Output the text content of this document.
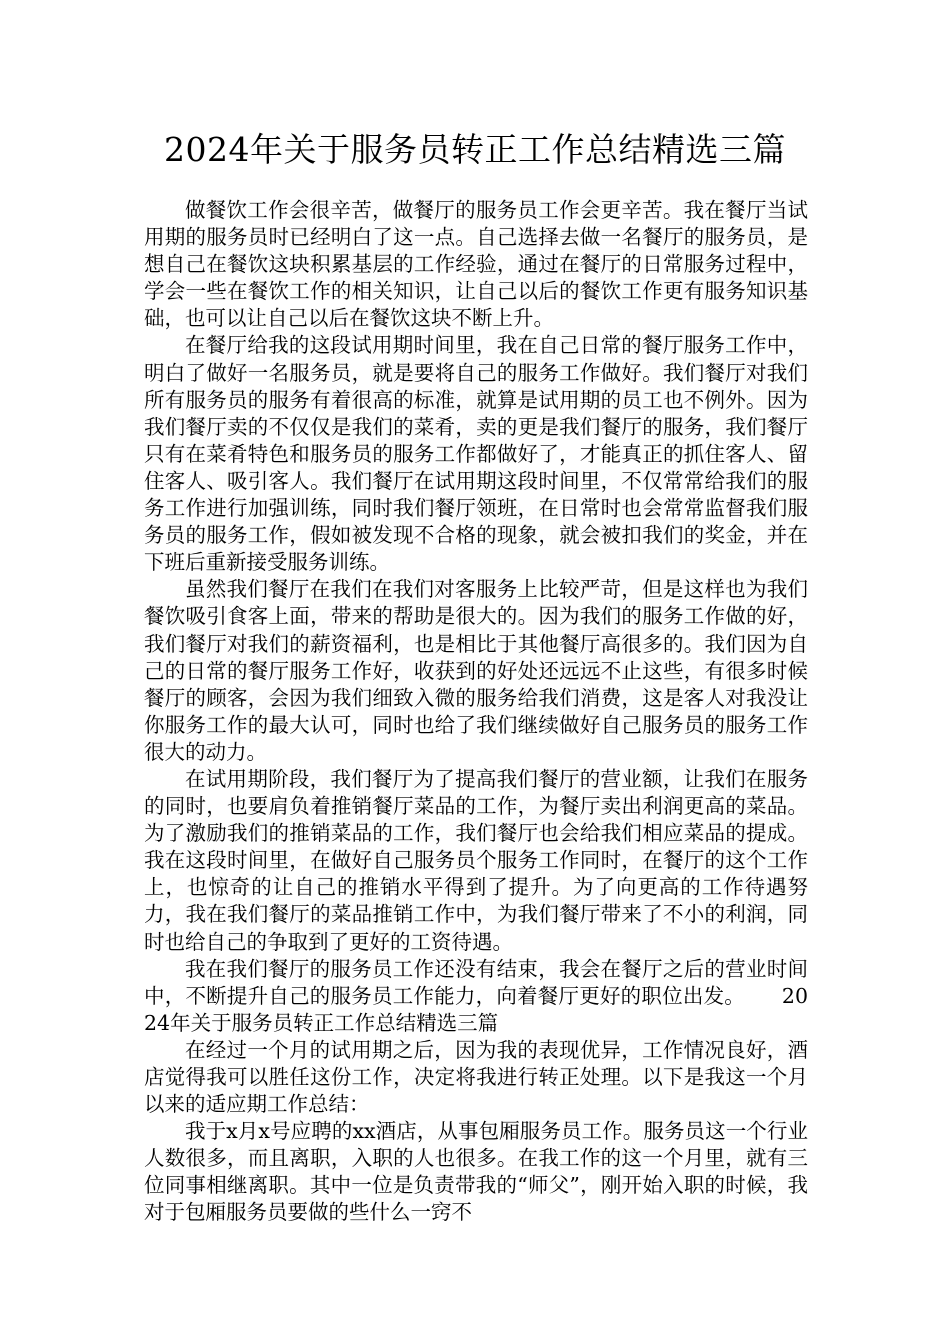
2024年关于服务员转正工作总结精选三篇

做餐饮工作会很辛苦，做餐厅的服务员工作会更辛苦。我在餐厅当试用期的服务员时已经明白了这一点。自己选择去做一名餐厅的服务员，是想自己在餐饮这块积累基层的工作经验，通过在餐厅的日常服务过程中，学会一些在餐饮工作的相关知识，让自己以后的餐饮工作更有服务知识基础，也可以让自己以后在餐饮这块不断上升。

在餐厅给我的这段试用期时间里，我在自己日常的餐厅服务工作中，明白了做好一名服务员，就是要将自己的服务工作做好。我们餐厅对我们所有服务员的服务有着很高的标准，就算是试用期的员工也不例外。因为我们餐厅卖的不仅仅是我们的菜肴，卖的更是我们餐厅的服务，我们餐厅只有在菜肴特色和服务员的服务工作都做好了，才能真正的抓住客人、留住客人、吸引客人。我们餐厅在试用期这段时间里，不仅常常给我们的服务工作进行加强训练，同时我们餐厅领班，在日常时也会常常监督我们服务员的服务工作，假如被发现不合格的现象，就会被扣我们的奖金，并在下班后重新接受服务训练。

虽然我们餐厅在我们在我们对客服务上比较严苛，但是这样也为我们餐饮吸引食客上面，带来的帮助是很大的。因为我们的服务工作做的好，我们餐厅对我们的薪资福利，也是相比于其他餐厅高很多的。我们因为自己的日常的餐厅服务工作好，收获到的好处还远远不止这些，有很多时候餐厅的顾客，会因为我们细致入微的服务给我们消费，这是客人对我没让你服务工作的最大认可，同时也给了我们继续做好自己服务员的服务工作很大的动力。

在试用期阶段，我们餐厅为了提高我们餐厅的营业额，让我们在服务的同时，也要肩负着推销餐厅菜品的工作，为餐厅卖出利润更高的菜品。为了激励我们的推销菜品的工作，我们餐厅也会给我们相应菜品的提成。我在这段时间里，在做好自己服务员个服务工作同时，在餐厅的这个工作上，也惊奇的让自己的推销水平得到了提升。为了向更高的工作待遇努力，我在我们餐厅的菜品推销工作中，为我们餐厅带来了不小的利润，同时也给自己的争取到了更好的工资待遇。

我在我们餐厅的服务员工作还没有结束，我会在餐厅之后的营业时间中，不断提升自己的服务员工作能力，向着餐厅更好的职位出发。 2024年关于服务员转正工作总结精选三篇

在经过一个月的试用期之后，因为我的表现优异，工作情况良好，酒店觉得我可以胜任这份工作，决定将我进行转正处理。以下是我这一个月以来的适应期工作总结：

我于x月x号应聘的xx酒店，从事包厢服务员工作。服务员这一个行业人数很多，而且离职，入职的人也很多。在我工作的这一个月里，就有三位同事相继离职。其中一位是负责带我的“师父”，刚开始入职的时候，我对于包厢服务员要做的些什么一窍不
